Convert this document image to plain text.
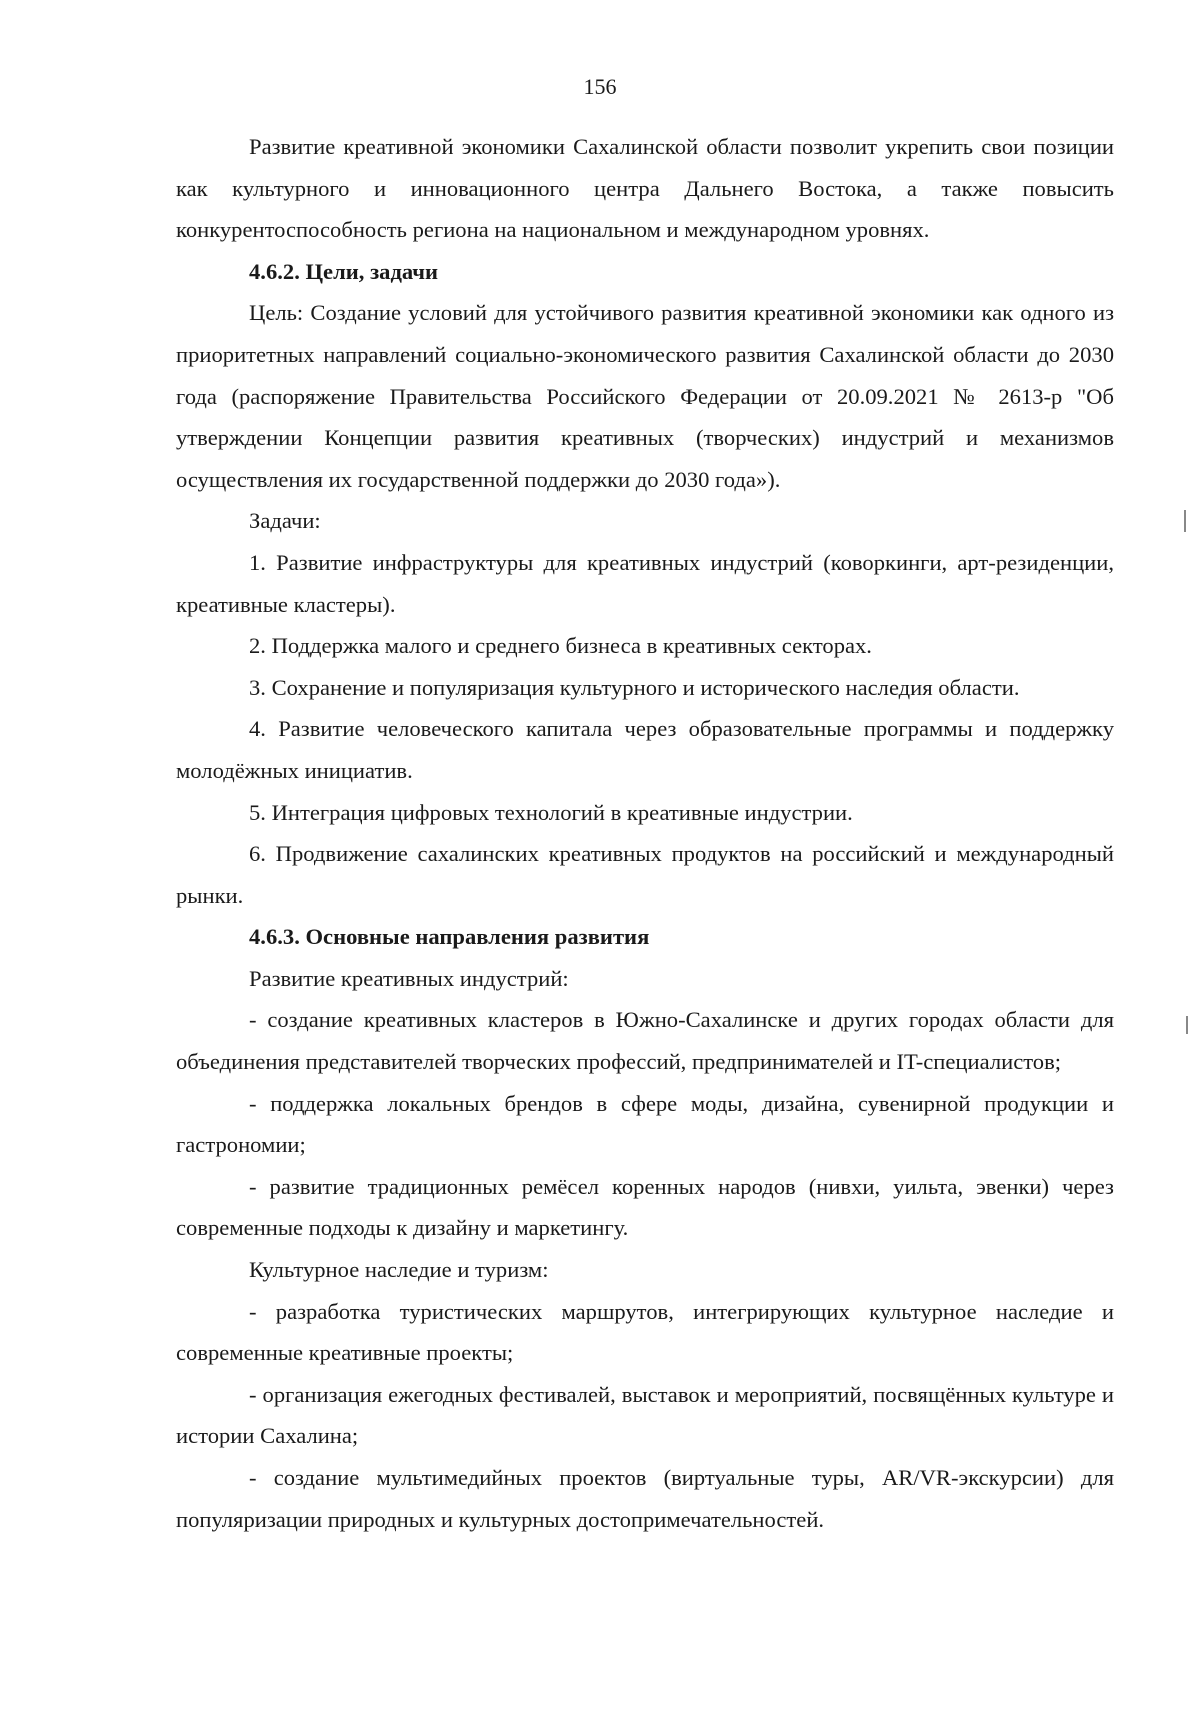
156

Развитие креативной экономики Сахалинской области позволит укрепить свои позиции как культурного и инновационного центра Дальнего Востока, а также повысить конкурентоспособность региона на национальном и международном уровнях.

4.6.2. Цели, задачи

Цель: Создание условий для устойчивого развития креативной экономики как одного из приоритетных направлений социально-экономического развития Сахалинской области до 2030 года (распоряжение Правительства Российского Федерации от 20.09.2021 № 2613-р "Об утверждении Концепции развития креативных (творческих) индустрий и механизмов осуществления их государственной поддержки до 2030 года»).

Задачи:

1. Развитие инфраструктуры для креативных индустрий (коворкинги, арт-резиденции, креативные кластеры).

2. Поддержка малого и среднего бизнеса в креативных секторах.

3. Сохранение и популяризация культурного и исторического наследия области.

4. Развитие человеческого капитала через образовательные программы и поддержку молодёжных инициатив.

5. Интеграция цифровых технологий в креативные индустрии.

6. Продвижение сахалинских креативных продуктов на российский и международный рынки.

4.6.3. Основные направления развития

Развитие креативных индустрий:

- создание креативных кластеров в Южно-Сахалинске и других городах области для объединения представителей творческих профессий, предпринимателей и IT-специалистов;

- поддержка локальных брендов в сфере моды, дизайна, сувенирной продукции и гастрономии;

- развитие традиционных ремёсел коренных народов (нивхи, уильта, эвенки) через современные подходы к дизайну и маркетингу.

Культурное наследие и туризм:

- разработка туристических маршрутов, интегрирующих культурное наследие и современные креативные проекты;

- организация ежегодных фестивалей, выставок и мероприятий, посвящённых культуре и истории Сахалина;

- создание мультимедийных проектов (виртуальные туры, AR/VR-экскурсии) для популяризации природных и культурных достопримечательностей.
